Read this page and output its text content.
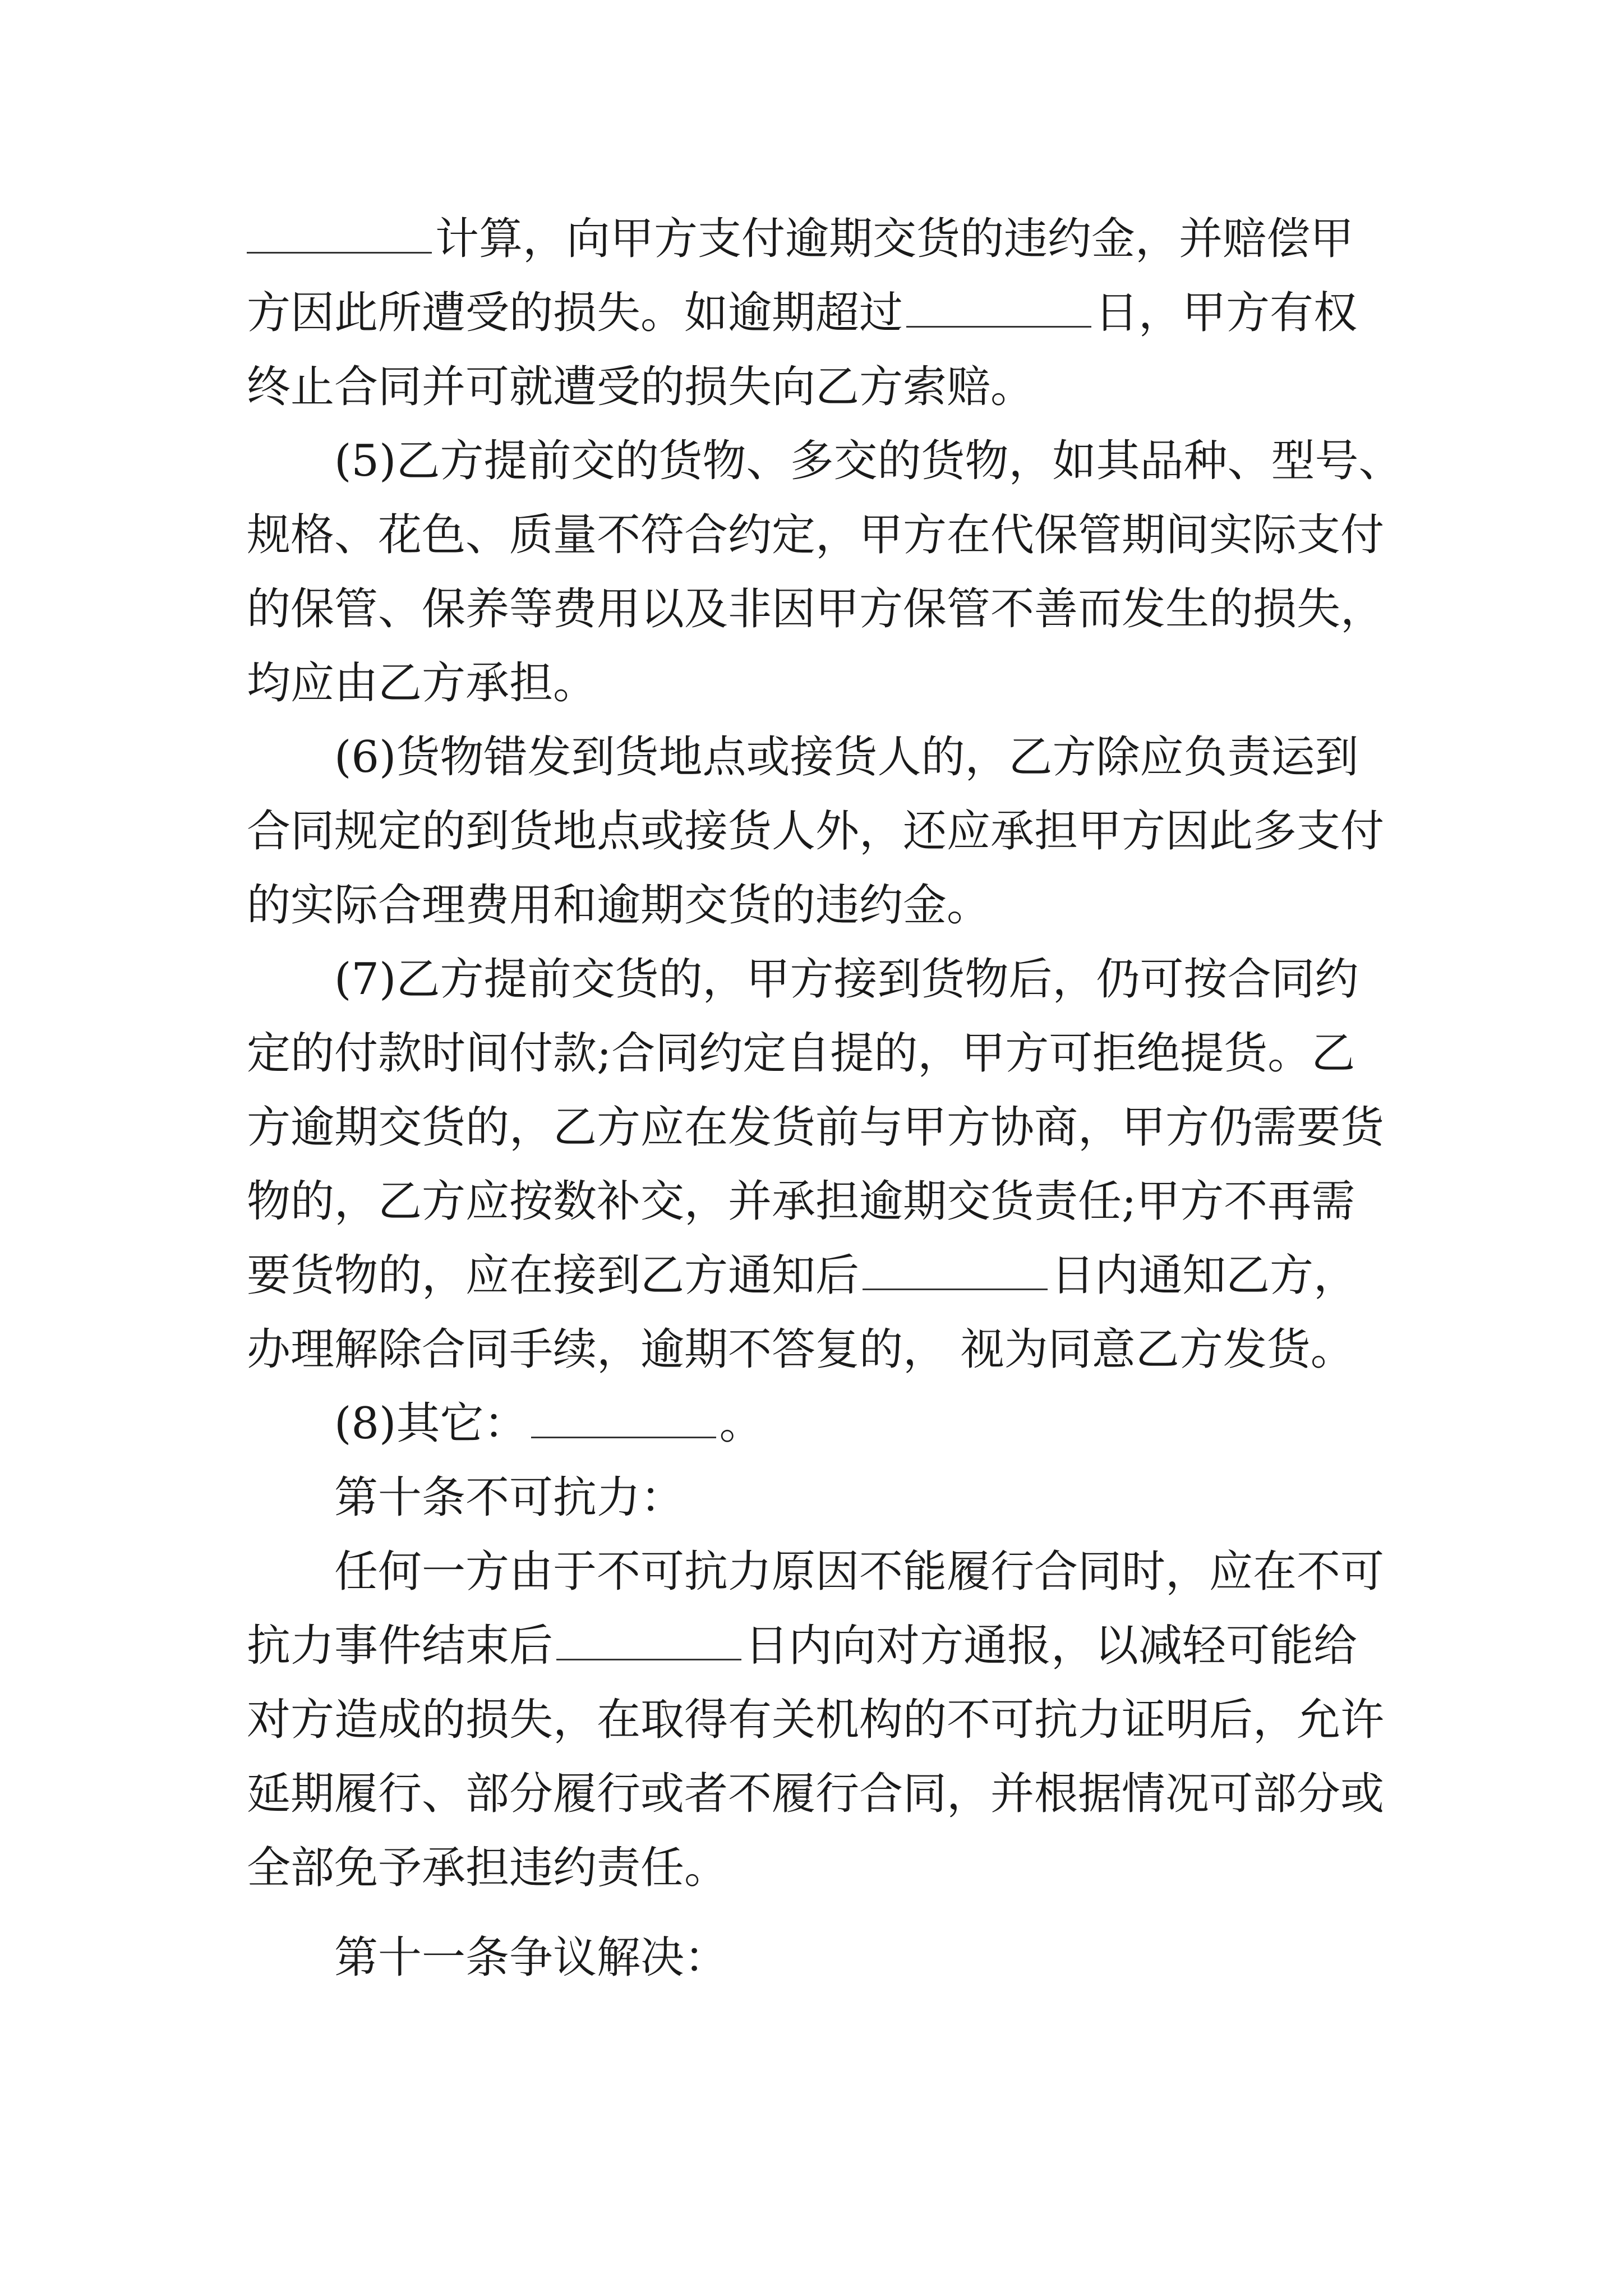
计算，向甲方支付逾期交货的违约金，并赔偿甲
方因此所遭受的损失。如逾期超过	日，甲方有权
终止合同并可就遭受的损失向乙方索赔。
(5)乙方提前交的货物、多交的货物，如其品种、型号、
规格、花色、质量不符合约定，甲方在代保管期间实际支付
的保管、保养等费用以及非因甲方保管不善而发生的损失，
均应由乙方承担。
(6)货物错发到货地点或接货人的，乙方除应负责运到
合同规定的到货地点或接货人外，还应承担甲方因此多支付
的实际合理费用和逾期交货的违约金。
(7)乙方提前交货的，甲方接到货物后，仍可按合同约
定的付款时间付款;合同约定自提的，甲方可拒绝提货。乙
方逾期交货的，乙方应在发货前与甲方协商，甲方仍需要货
物的，乙方应按数补交，并承担逾期交货责任;甲方不再需
要货物的，应在接到乙方通知后	日内通知乙方，
办理解除合同手续，逾期不答复的， 视为同意乙方发货。
(8)其它：	。
第十条不可抗力：
任何一方由于不可抗力原因不能履行合同时，应在不可
抗力事件结束后	日内向对方通报，以减轻可能给
对方造成的损失，在取得有关机构的不可抗力证明后，允许
延期履行、部分履行或者不履行合同，并根据情况可部分或
全部免予承担违约责任。
第十一条争议解决：
